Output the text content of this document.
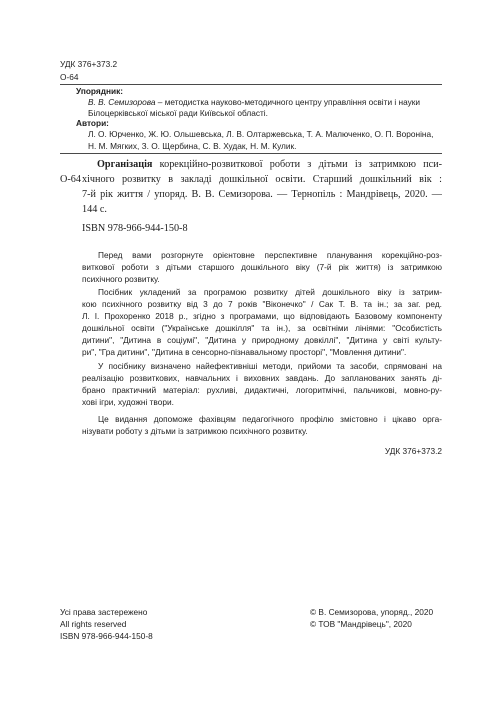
УДК 376+373.2
О-64
Упорядник:
В. В. Семизорова – методистка науково-методичного центру управління освіти і науки
Білоцерківської міської ради Київської області.
Автори:
Л. О. Юрченко, Ж. Ю. Ольшевська, Л. В. Олтаржевська, Т. А. Малюченко, О. П. Вороніна,
Н. М. Мягких, З. О. Щербина, С. В. Худак, Н. М. Кулик.
Організація корекційно-розвиткової роботи з дітьми із затримкою пси-
О-64 хічного розвитку в закладі дошкільної освіти. Старший дошкільний вік :
7-й рік життя / упоряд. В. В. Семизорова. — Тернопіль : Мандрівець, 2020. —
144 с.
ISBN 978-966-944-150-8
Перед вами розгорнуте орієнтовне перспективне планування корекційно-роз-
виткової роботи з дітьми старшого дошкільного віку (7-й рік життя) із затримкою
психічного розвитку.
Посібник укладений за програмою розвитку дітей дошкільного віку із затрим-
кою психічного розвитку від 3 до 7 років "Віконечко" / Сак Т. В. та ін.; за заг. ред.
Л. І. Прохоренко 2018 р., згідно з програмами, що відповідають Базовому компоненту
дошкільної освіти ("Українське дошкілля" та ін.), за освітніми лініями: "Особистість
дитини", "Дитина в соціумі", "Дитина у природному довкіллі", "Дитина у світі культу-
ри", "Гра дитини", "Дитина в сенсорно-пізнавальному просторі", "Мовлення дитини".
У посібнику визначено найефективніші методи, прийоми та засоби, спрямовані на
реалізацію розвиткових, навчальних і виховних завдань. До запланованих занять ді-
брано практичний матеріал: рухливі, дидактичні, логоритмічні, пальчикові, мовно-ру-
хові ігри, художні твори.
Це видання допоможе фахівцям педагогічного профілю змістовно і цікаво орга-
нізувати роботу з дітьми із затримкою психічного розвитку.
УДК 376+373.2
Усі права застережено
All rights reserved
ISBN 978-966-944-150-8
© В. Семизорова, упоряд., 2020
© ТОВ "Мандрівець", 2020
